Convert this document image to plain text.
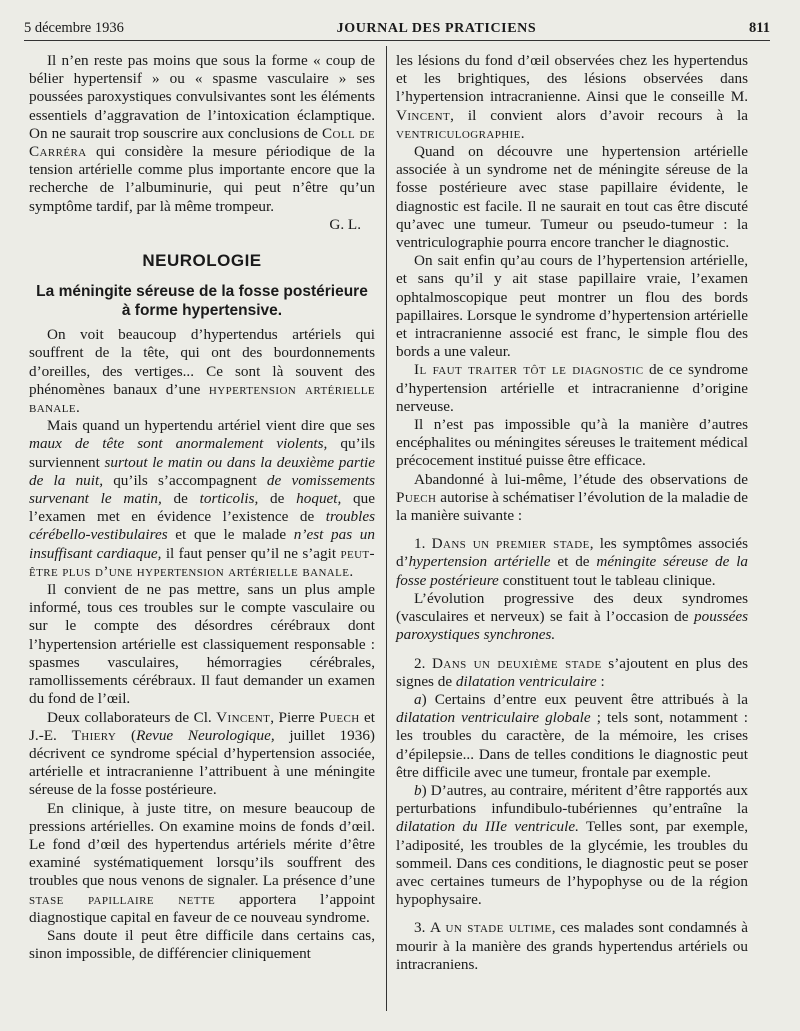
5 décembre 1936	JOURNAL DES PRATICIENS	811

Il n’en reste pas moins que sous la forme « coup de bélier hypertensif » ou « spasme vasculaire » ses poussées paroxystiques convulsivantes sont les éléments essentiels d’aggravation de l’intoxication éclamptique. On ne saurait trop souscrire aux conclusions de Coll de Carréra qui considère la mesure périodique de la tension artérielle comme plus importante encore que la recherche de l’albuminurie, qui peut n’être qu’un symptôme tardif, par là même trompeur.

G. L.
NEUROLOGIE
La méningite séreuse de la fosse postérieure
à forme hypertensive.

On voit beaucoup d’hypertendus artériels qui souffrent de la tête, qui ont des bourdonnements d’oreilles, des vertiges... Ce sont là souvent des phénomènes banaux d’une hypertension artérielle banale.

Mais quand un hypertendu artériel vient dire que ses maux de tête sont anormalement violents, qu’ils surviennent surtout le matin ou dans la deuxième partie de la nuit, qu’ils s’accompagnent de vomissements survenant le matin, de torticolis, de hoquet, que l’examen met en évidence l’existence de troubles cérébello-vestibulaires et que le malade n’est pas un insuffisant cardiaque, il faut penser qu’il ne s’agit peut-être plus d’une hypertension artérielle banale.

Il convient de ne pas mettre, sans un plus ample informé, tous ces troubles sur le compte vasculaire ou sur le compte des désordres cérébraux dont l’hypertension artérielle est classiquement responsable : spasmes vasculaires, hémorragies cérébrales, ramollissements cérébraux. Il faut demander un examen du fond de l’œil.

Deux collaborateurs de Cl. Vincent, Pierre Puech et J.-E. Thiery (Revue Neurologique, juillet 1936) décrivent ce syndrome spécial d’hypertension associée, artérielle et intracranienne l’attribuent à une méningite séreuse de la fosse postérieure.

En clinique, à juste titre, on mesure beaucoup de pressions artérielles. On examine moins de fonds d’œil. Le fond d’œil des hypertendus artériels mérite d’être examiné systématiquement lorsqu’ils souffrent des troubles que nous venons de signaler. La présence d’une stase papillaire nette apportera l’appoint diagnostique capital en faveur de ce nouveau syndrome.

Sans doute il peut être difficile dans certains cas, sinon impossible, de différencier cliniquement

les lésions du fond d’œil observées chez les hypertendus et les brightiques, des lésions observées dans l’hypertension intracranienne. Ainsi que le conseille M. Vincent, il convient alors d’avoir recours à la ventriculographie.

Quand on découvre une hypertension artérielle associée à un syndrome net de méningite séreuse de la fosse postérieure avec stase papillaire évidente, le diagnostic est facile. Il ne saurait en tout cas être discuté qu’avec une tumeur. Tumeur ou pseudo-tumeur : la ventriculographie pourra encore trancher le diagnostic.

On sait enfin qu’au cours de l’hypertension artérielle, et sans qu’il y ait stase papillaire vraie, l’examen ophtalmoscopique peut montrer un flou des bords papillaires. Lorsque le syndrome d’hypertension artérielle et intracranienne associé est franc, le simple flou des bords a une valeur.

Il faut traiter tôt le diagnostic de ce syndrome d’hypertension artérielle et intracranienne d’origine nerveuse.

Il n’est pas impossible qu’à la manière d’autres encéphalites ou méningites séreuses le traitement médical précocement institué puisse être efficace.

Abandonné à lui-même, l’étude des observations de Puech autorise à schématiser l’évolution de la maladie de la manière suivante :

1. Dans un premier stade, les symptômes associés d’hypertension artérielle et de méningite séreuse de la fosse postérieure constituent tout le tableau clinique.

L’évolution progressive des deux syndromes (vasculaires et nerveux) se fait à l’occasion de poussées paroxystiques synchrones.

2. Dans un deuxième stade s’ajoutent en plus des signes de dilatation ventriculaire :

a) Certains d’entre eux peuvent être attribués à la dilatation ventriculaire globale ; tels sont, notamment : les troubles du caractère, de la mémoire, les crises d’épilepsie... Dans de telles conditions le diagnostic peut être difficile avec une tumeur, frontale par exemple.

b) D’autres, au contraire, méritent d’être rapportés aux perturbations infundibulo-tubériennes qu’entraîne la dilatation du IIIe ventricule. Telles sont, par exemple, l’adiposité, les troubles de la glycémie, les troubles du sommeil. Dans ces conditions, le diagnostic peut se poser avec certaines tumeurs de l’hypophyse ou de la région hypophysaire.

3. A un stade ultime, ces malades sont condamnés à mourir à la manière des grands hypertendus artériels ou intracraniens.
